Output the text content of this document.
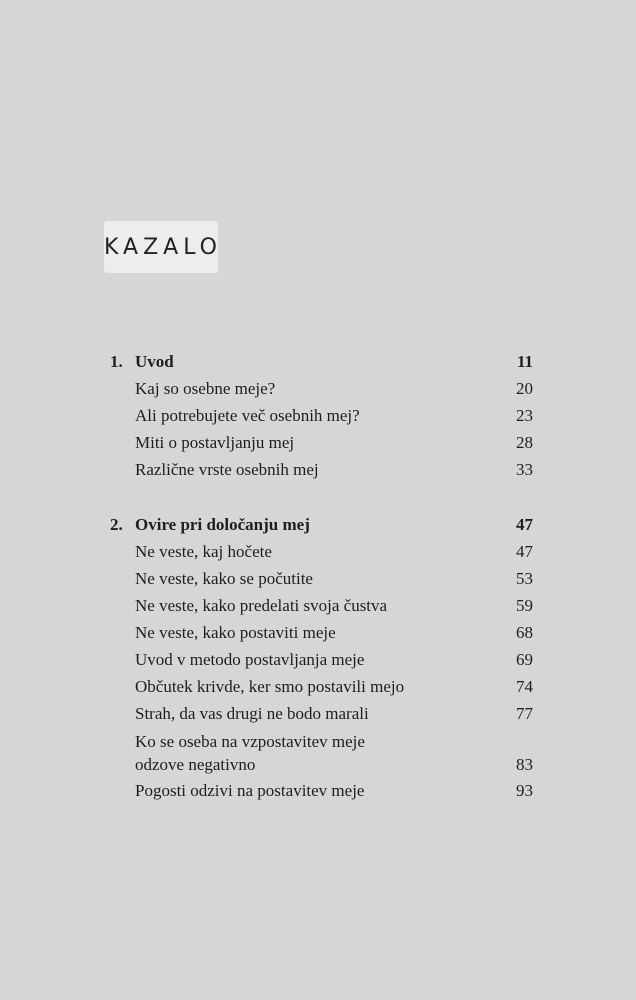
KAZALO
1. Uvod	11
Kaj so osebne meje?	20
Ali potrebujete več osebnih mej?	23
Miti o postavljanju mej	28
Različne vrste osebnih mej	33
2. Ovire pri določanju mej	47
Ne veste, kaj hočete	47
Ne veste, kako se počutite	53
Ne veste, kako predelati svoja čustva	59
Ne veste, kako postaviti meje	68
Uvod v metodo postavljanja meje	69
Občutek krivde, ker smo postavili mejo	74
Strah, da vas drugi ne bodo marali	77
Ko se oseba na vzpostavitev meje
odzove negativno	83
Pogosti odzivi na postavitev meje	93
